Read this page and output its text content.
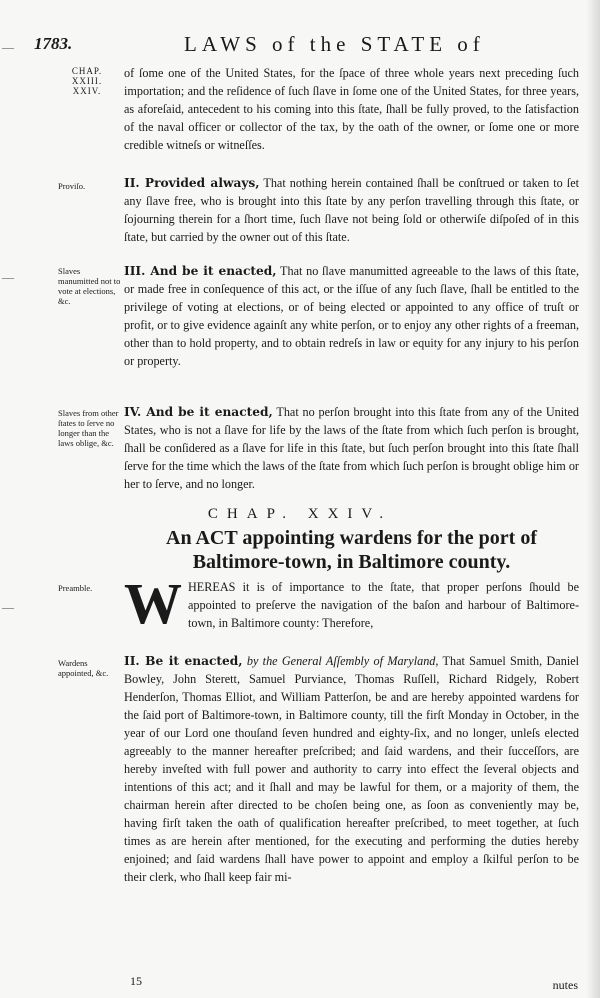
—
—
—
1783.	LAWS of the STATE of
CHAP.
XXIII. XXIV.
of ſome one of the United States, for the ſpace of three whole years next preceding ſuch importation; and the reſidence of ſuch ſlave in ſome one of the United States, for three years, as aforeſaid, antecedent to his coming into this ſtate, ſhall be fully proved, to the ſatisfaction of the naval officer or collector of the tax, by the oath of the owner, or ſome one or more credible witneſs or witneſſes.
Proviſo.	II. Provided always, That nothing herein contained ſhall be conſtrued or taken to ſet any ſlave free, who is brought into this ſtate by any perſon travelling through this ſtate, or ſojourning therein for a ſhort time, ſuch ſlave not being ſold or otherwiſe diſpoſed of in this ſtate, but carried by the owner out of this ſtate.
Slaves manumitted not to vote at elections, &c.
III. And be it enacted, That no ſlave manumitted agreeable to the laws of this ſtate, or made free in conſequence of this act, or the iſſue of any ſuch ſlave, ſhall be entitled to the privilege of voting at elections, or of being elected or appointed to any office of truſt or profit, or to give evidence againſt any white perſon, or to enjoy any other rights of a freeman, other than to hold property, and to obtain redreſs in law or equity for any injury to his perſon or property.
Slaves from other ſtates to ſerve no longer than the laws oblige, &c.
IV. And be it enacted, That no perſon brought into this ſtate from any of the United States, who is not a ſlave for life by the laws of the ſtate from which ſuch perſon is brought, ſhall be conſidered as a ſlave for life in this ſtate, but ſuch perſon brought into this ſtate ſhall ſerve for the time which the laws of the ſtate from which ſuch perſon is brought oblige him or her to ſerve, and no longer.
CHAP. XXIV.
An ACT appointing wardens for the port of Baltimore-town, in Baltimore county.
Preamble. WHEREAS it is of importance to the ſtate, that proper perſons ſhould be appointed to preſerve the navigation of the baſon and harbour of Baltimore-town, in Baltimore county: Therefore,
Wardens appointed, &c.
II. Be it enacted, by the General Aſſembly of Maryland, That Samuel Smith, Daniel Bowley, John Sterett, Samuel Purviance, Thomas Ruſſell, Richard Ridgely, Robert Henderſon, Thomas Elliot, and William Patterſon, be and are hereby appointed wardens for the ſaid port of Baltimore-town, in Baltimore county, till the firſt Monday in October, in the year of our Lord one thouſand ſeven hundred and eighty-ſix, and no longer, unleſs elected agreeably to the manner hereafter preſcribed; and ſaid wardens, and their ſucceſſors, are hereby inveſted with full power and authority to carry into effect the ſeveral objects and intentions of this act; and it ſhall and may be lawful for them, or a majority of them, the chairman herein after directed to be choſen being one, as ſoon as conveniently may be, having firſt taken the oath of qualification hereafter preſcribed, to meet together, at ſuch times as are herein after mentioned, for the executing and performing the duties hereby enjoined; and ſaid wardens ſhall have power to appoint and employ a ſkilful perſon to be their clerk, who ſhall keep fair mi-
15	nutes
